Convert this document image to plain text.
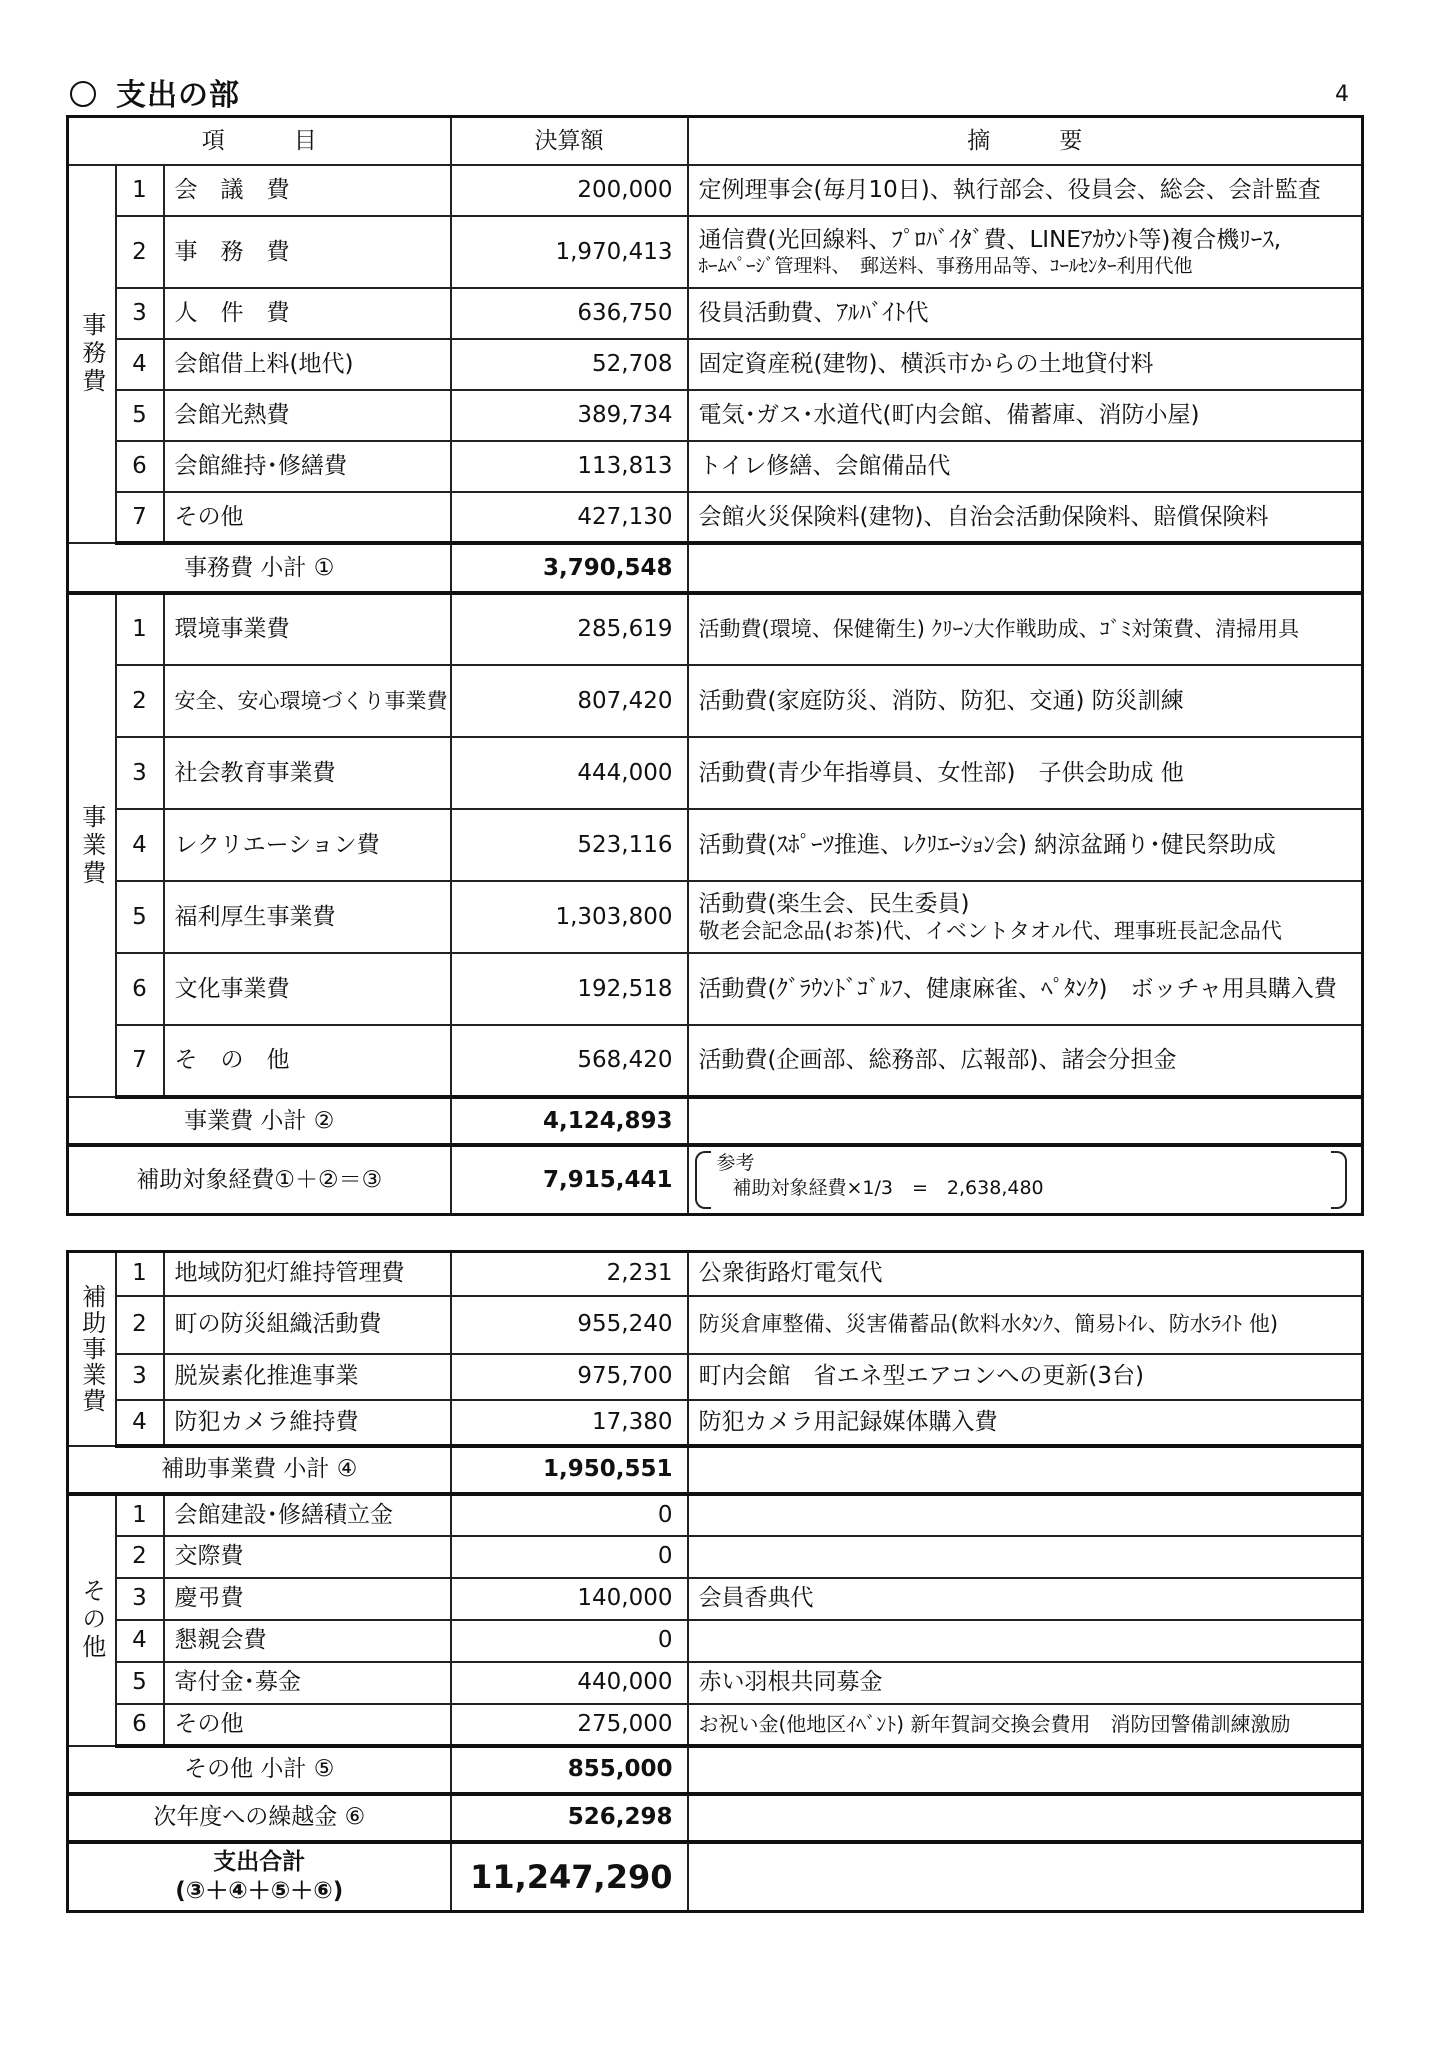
支出の部	4
項　　　目			決算額	摘　　　要
事務費	1	会　議　費	200,000	定例理事会(毎月10日)、執行部会、役員会、総会、会計監査
	2	事　務　費	1,970,413	通信費(光回線料、ﾌﾟﾛﾊﾞｲﾀﾞ費、LINEｱｶｳﾝﾄ等)複合機ﾘｰｽ,
ﾎｰﾑﾍﾟｰｼﾞ管理料、　郵送料、事務用品等、ｺｰﾙｾﾝﾀｰ利用代他

	3	人　件　費	636,750	役員活動費、ｱﾙﾊﾞｲﾄ代
	4	会館借上料(地代)	52,708	固定資産税(建物)、横浜市からの土地貸付料
	5	会館光熱費	389,734	電気･ガス･水道代(町内会館、備蓄庫、消防小屋)
	6	会館維持･修繕費	113,813	トイレ修繕、会館備品代
	7	その他	427,130	会館火災保険料(建物)、自治会活動保険料、賠償保険料
事務費 小計 ①			3,790,548	
事業費	1	環境事業費	285,619	活動費(環境、保健衛生) ｸﾘｰﾝ大作戦助成、ｺﾞﾐ対策費、清掃用具
	2	安全、安心環境づくり事業費	807,420	活動費(家庭防災、消防、防犯、交通) 防災訓練
	3	社会教育事業費	444,000	活動費(青少年指導員、女性部)　子供会助成 他
	4	レクリエーション費	523,116	活動費(ｽﾎﾟｰﾂ推進、ﾚｸﾘｴｰｼｮﾝ会) 納涼盆踊り･健民祭助成
	5	福利厚生事業費	1,303,800	活動費(楽生会、民生委員)
敬老会記念品(お茶)代、イベントタオル代、理事班長記念品代

	6	文化事業費	192,518	活動費(ｸﾞﾗｳﾝﾄﾞｺﾞﾙﾌ、健康麻雀、ﾍﾟﾀﾝｸ)　ボッチャ用具購入費
	7	そ　の　他	568,420	活動費(企画部、総務部、広報部)、諸会分担金
事業費 小計 ②			4,124,893	
補助対象経費①＋②＝③			7,915,441	参考
補助対象経費×1/3　=　2,638,480
補助事業費	1	地域防犯灯維持管理費	2,231	公衆街路灯電気代
	2	町の防災組織活動費	955,240	防災倉庫整備、災害備蓄品(飲料水ﾀﾝｸ、簡易ﾄｲﾚ、防水ﾗｲﾄ 他)
	3	脱炭素化推進事業	975,700	町内会館　省エネ型エアコンへの更新(3台)
	4	防犯カメラ維持費	17,380	防犯カメラ用記録媒体購入費
補助事業費 小計 ④			1,950,551	
その他	1	会館建設･修繕積立金	0	
	2	交際費	0	
	3	慶弔費	140,000	会員香典代
	4	懇親会費	0	
	5	寄付金･募金	440,000	赤い羽根共同募金
	6	その他	275,000	お祝い金(他地区ｲﾍﾞﾝﾄ) 新年賀詞交換会費用　消防団警備訓練激励
その他 小計 ⑤			855,000	
次年度への繰越金 ⑥			526,298	

支出合計
(③＋④＋⑤＋⑥)			11,247,290	
